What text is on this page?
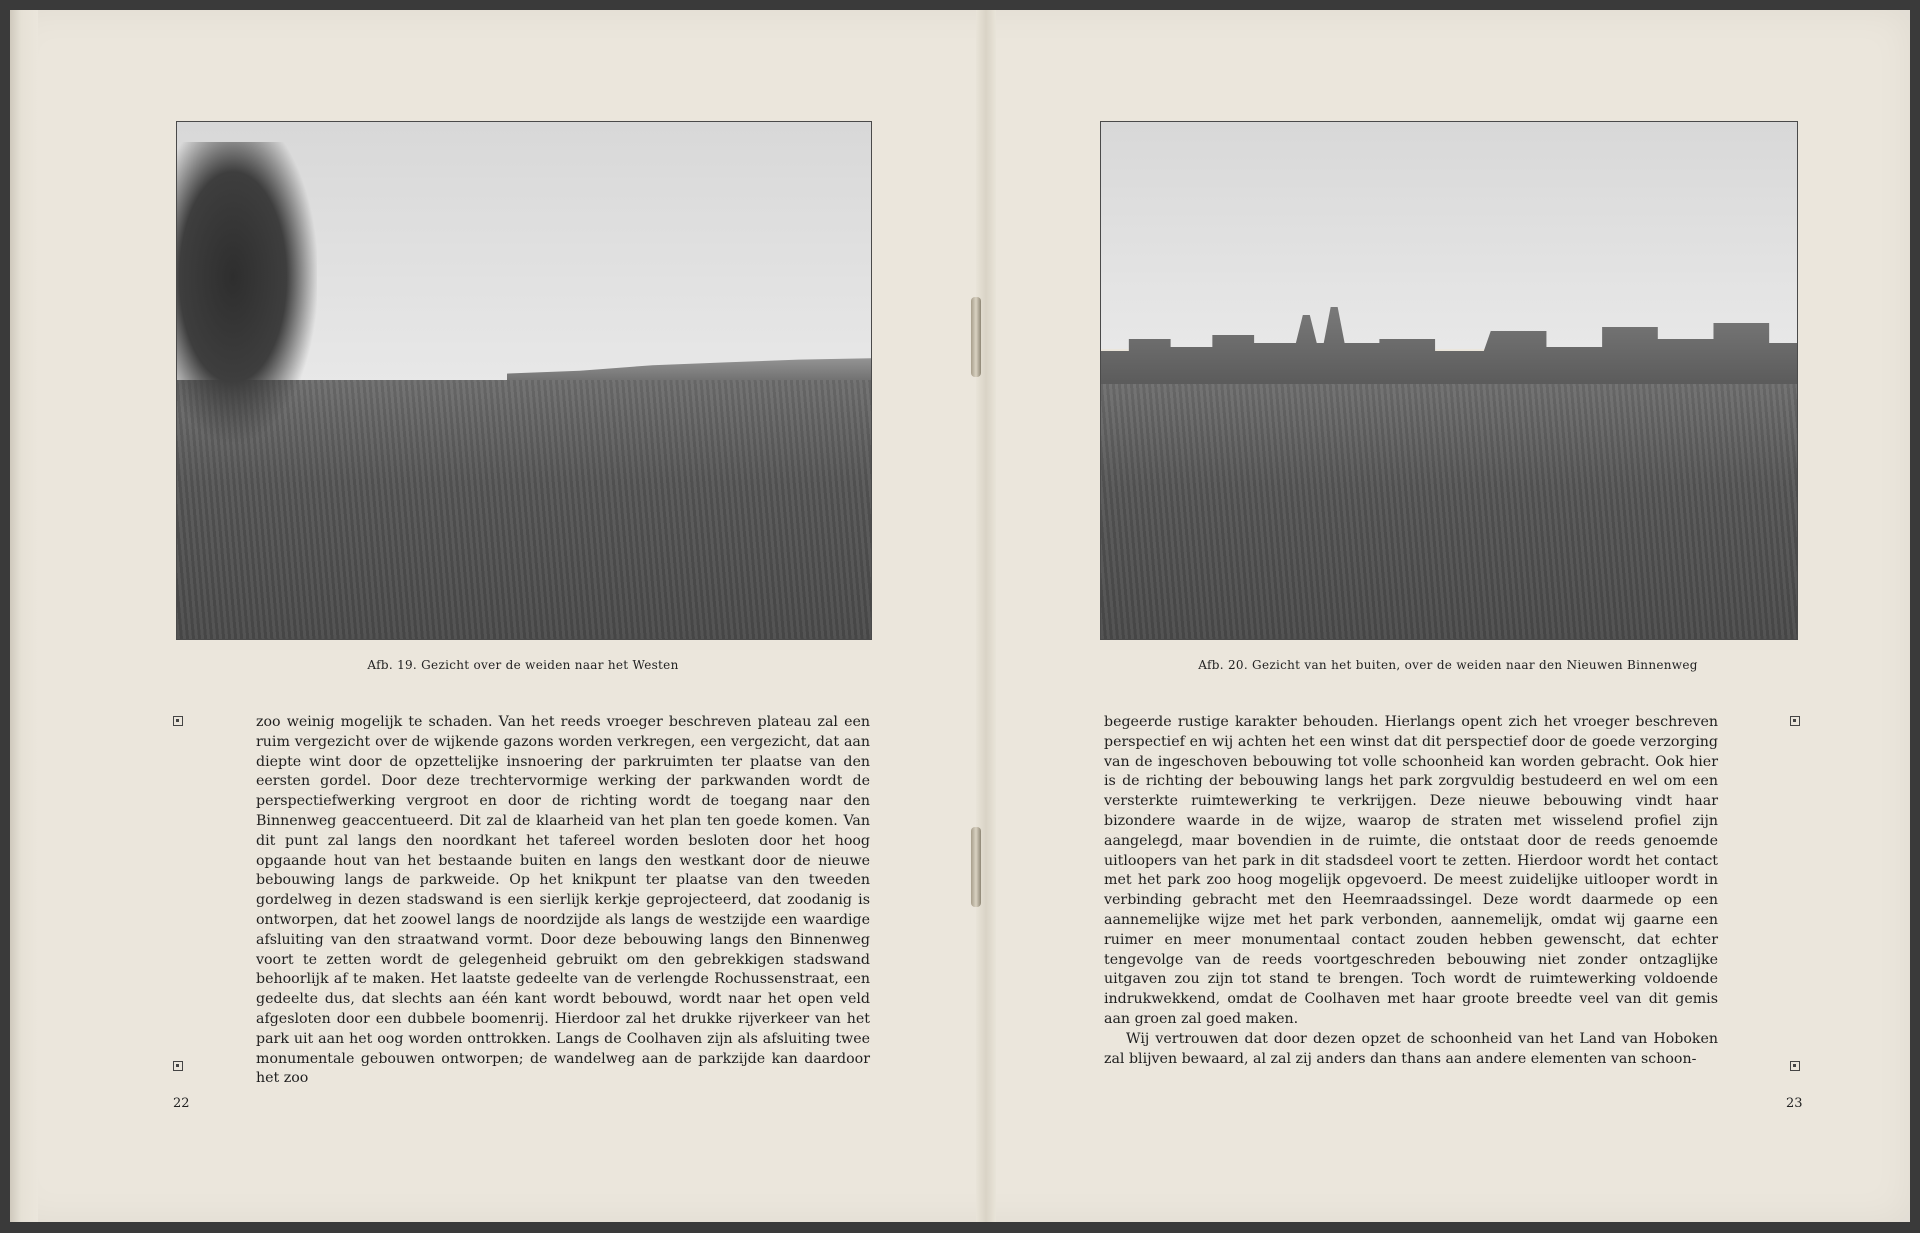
Afb. 19. Gezicht over de weiden naar het Westen

zoo weinig mogelijk te schaden. Van het reeds vroeger beschreven plateau zal een ruim vergezicht over de wijkende gazons worden verkregen, een vergezicht, dat aan diepte wint door de opzettelijke insnoering der parkruimten ter plaatse van den eersten gordel. Door deze trechtervormige werking der parkwanden wordt de perspectiefwerking vergroot en door de richting wordt de toegang naar den Binnenweg geaccentueerd. Dit zal de klaarheid van het plan ten goede komen. Van dit punt zal langs den noordkant het tafereel worden besloten door het hoog opgaande hout van het bestaande buiten en langs den westkant door de nieuwe bebouwing langs de parkweide. Op het knikpunt ter plaatse van den tweeden gordelweg in dezen stadswand is een sierlijk kerkje geprojecteerd, dat zoodanig is ontworpen, dat het zoowel langs de noordzijde als langs de westzijde een waardige afsluiting van den straatwand vormt. Door deze bebouwing langs den Binnenweg voort te zetten wordt de gelegenheid gebruikt om den gebrekkigen stadswand behoorlijk af te maken. Het laatste gedeelte van de verlengde Rochussenstraat, een gedeelte dus, dat slechts aan één kant wordt bebouwd, wordt naar het open veld afgesloten door een dubbele boomenrij. Hierdoor zal het drukke rijverkeer van het park uit aan het oog worden onttrokken. Langs de Coolhaven zijn als afsluiting twee monumentale gebouwen ontworpen; de wandelweg aan de parkzijde kan daardoor het zoo

22
Afb. 20. Gezicht van het buiten, over de weiden naar den Nieuwen Binnenweg

begeerde rustige karakter behouden. Hierlangs opent zich het vroeger beschreven perspectief en wij achten het een winst dat dit perspectief door de goede verzorging van de ingeschoven bebouwing tot volle schoonheid kan worden gebracht. Ook hier is de richting der bebouwing langs het park zorgvuldig bestudeerd en wel om een versterkte ruimtewerking te verkrijgen. Deze nieuwe bebouwing vindt haar bizondere waarde in de wijze, waarop de straten met wisselend profiel zijn aangelegd, maar bovendien in de ruimte, die ontstaat door de reeds genoemde uitloopers van het park in dit stadsdeel voort te zetten. Hierdoor wordt het contact met het park zoo hoog mogelijk opgevoerd. De meest zuidelijke uitlooper wordt in verbinding gebracht met den Heemraadssingel. Deze wordt daarmede op een aannemelijke wijze met het park verbonden, aannemelijk, omdat wij gaarne een ruimer en meer monumentaal contact zouden hebben gewenscht, dat echter tengevolge van de reeds voortgeschreden bebouwing niet zonder ontzaglijke uitgaven zou zijn tot stand te brengen. Toch wordt de ruimtewerking voldoende indrukwekkend, omdat de Coolhaven met haar groote breedte veel van dit gemis aan groen zal goed maken.

Wij vertrouwen dat door dezen opzet de schoonheid van het Land van Hoboken zal blijven bewaard, al zal zij anders dan thans aan andere elementen van schoon-

23
